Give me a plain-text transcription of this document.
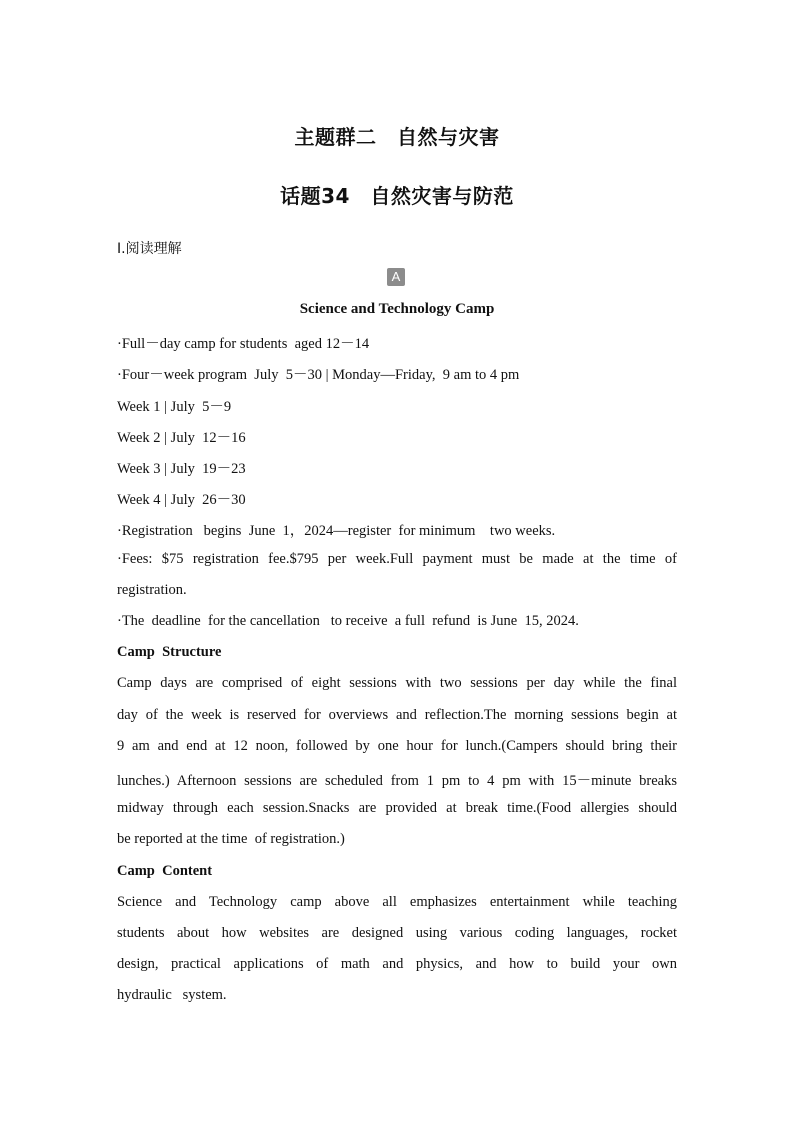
主题群二　自然与灾害
话题34　自然灾害与防范
Ⅰ.阅读理解
A
Science and Technology Camp
·Full－day camp for students  aged 12－14
·Four－week program  July  5－30 | Monday—Friday,  9 am to 4 pm
Week 1 | July  5－9
Week 2 | July  12－16
Week 3 | July  19－23
Week 4 | July  26－30
·Registration   begins  June  1，2024—register  for minimum    two weeks.
·Fees: $75 registration fee.$795 per week.Full payment must be made at the time of
registration.
·The  deadline  for the cancellation   to receive  a full  refund  is June  15, 2024.
Camp  Structure
Camp days are comprised of eight sessions with two sessions per day while the final
day of the week is reserved for overviews and reflection.The morning sessions begin at
9 am and end at 12 noon, followed by one hour for lunch.(Campers should bring their
lunches.) Afternoon sessions are scheduled from 1 pm to 4 pm with 15－minute breaks
midway through each session.Snacks are provided at break time.(Food allergies should
be reported at the time  of registration.)
Camp  Content
Science and Technology camp above all emphasizes entertainment while teaching
students about how websites are designed using various coding languages, rocket
design, practical applications of math and physics, and how to build your own
hydraulic   system.
